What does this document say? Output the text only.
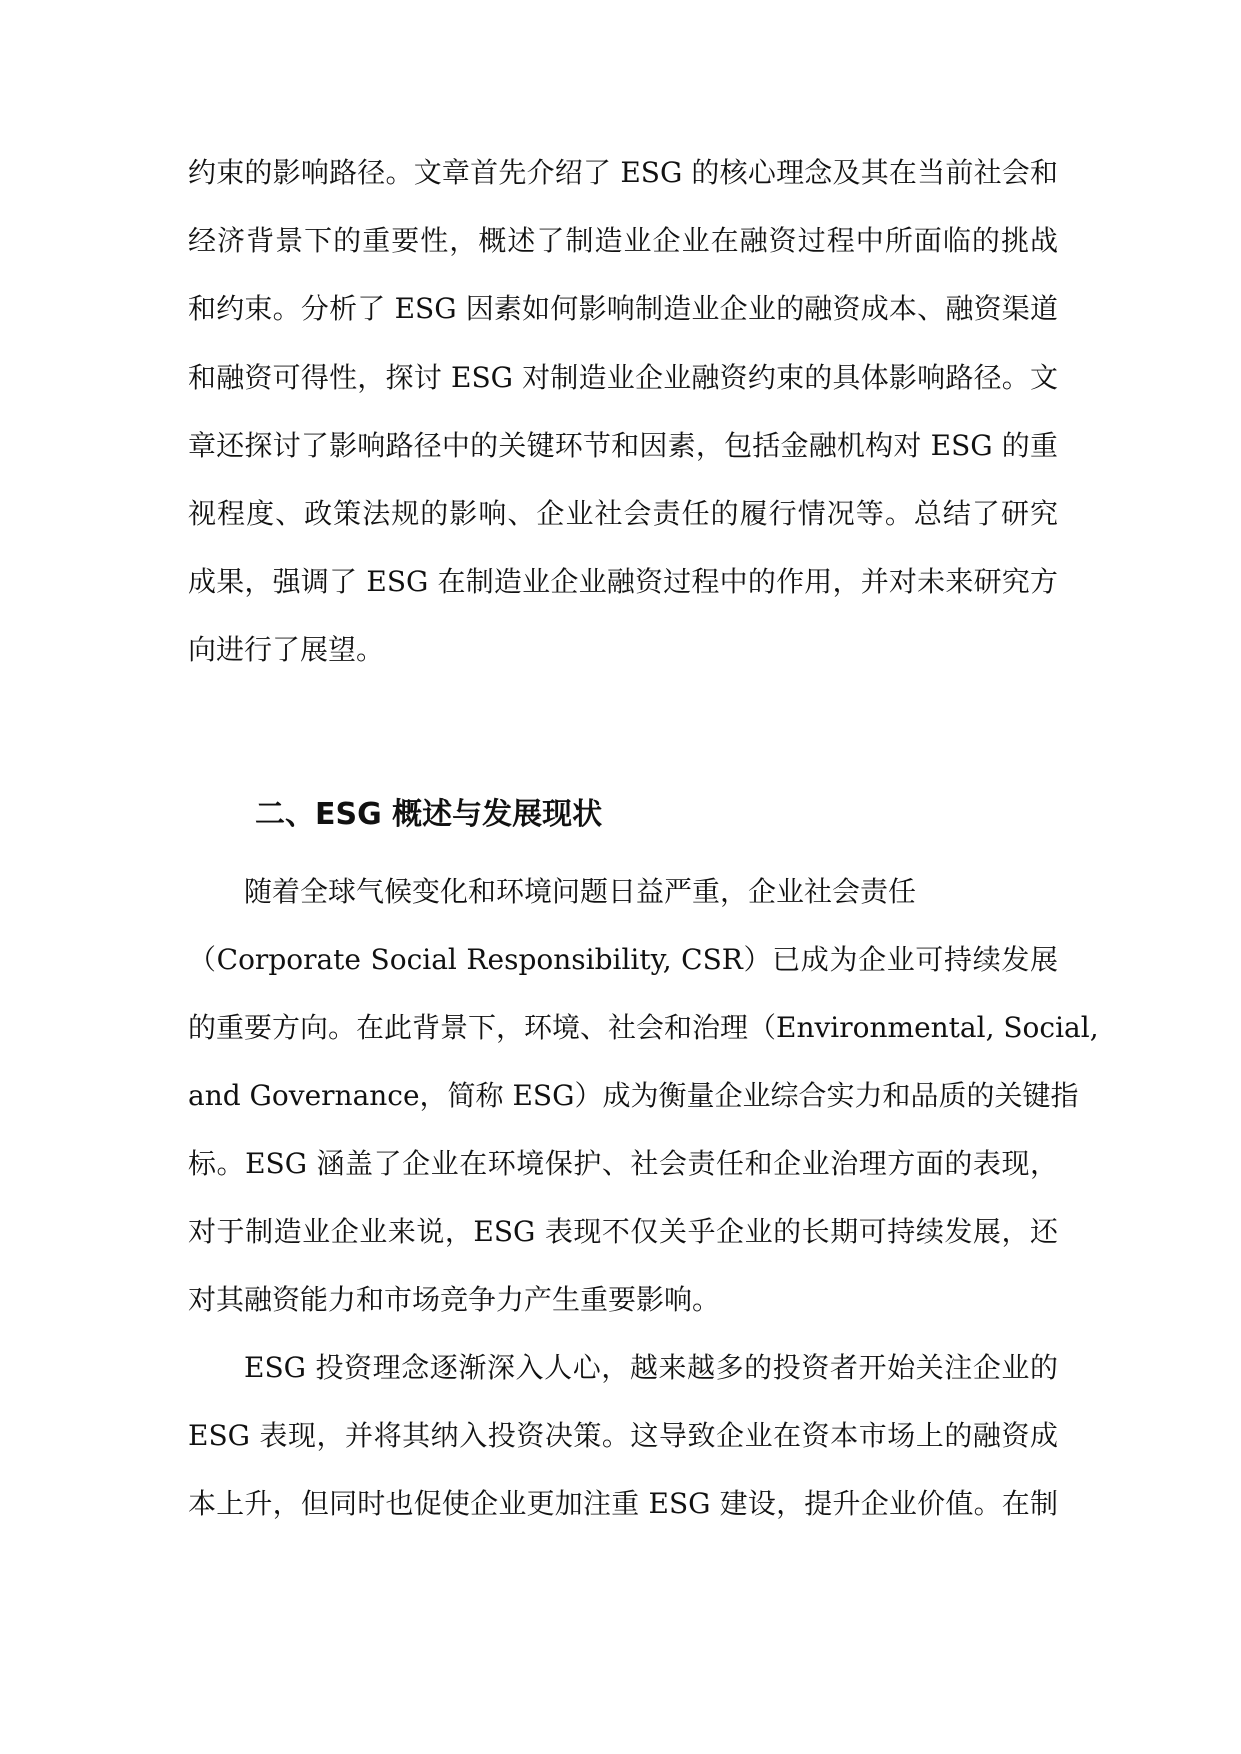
约束的影响路径。文章首先介绍了 ESG 的核心理念及其在当前社会和
经济背景下的重要性，概述了制造业企业在融资过程中所面临的挑战
和约束。分析了 ESG 因素如何影响制造业企业的融资成本、融资渠道
和融资可得性，探讨 ESG 对制造业企业融资约束的具体影响路径。文
章还探讨了影响路径中的关键环节和因素，包括金融机构对 ESG 的重
视程度、政策法规的影响、企业社会责任的履行情况等。总结了研究
成果，强调了 ESG 在制造业企业融资过程中的作用，并对未来研究方
向进行了展望。
二、ESG 概述与发展现状
随着全球气候变化和环境问题日益严重，企业社会责任
（Corporate Social Responsibility, CSR）已成为企业可持续发展
的重要方向。在此背景下，环境、社会和治理（Environmental, Social,
and Governance，简称 ESG）成为衡量企业综合实力和品质的关键指
标。ESG 涵盖了企业在环境保护、社会责任和企业治理方面的表现，
对于制造业企业来说，ESG 表现不仅关乎企业的长期可持续发展，还
对其融资能力和市场竞争力产生重要影响。
ESG 投资理念逐渐深入人心，越来越多的投资者开始关注企业的
ESG 表现，并将其纳入投资决策。这导致企业在资本市场上的融资成
本上升，但同时也促使企业更加注重 ESG 建设，提升企业价值。在制
